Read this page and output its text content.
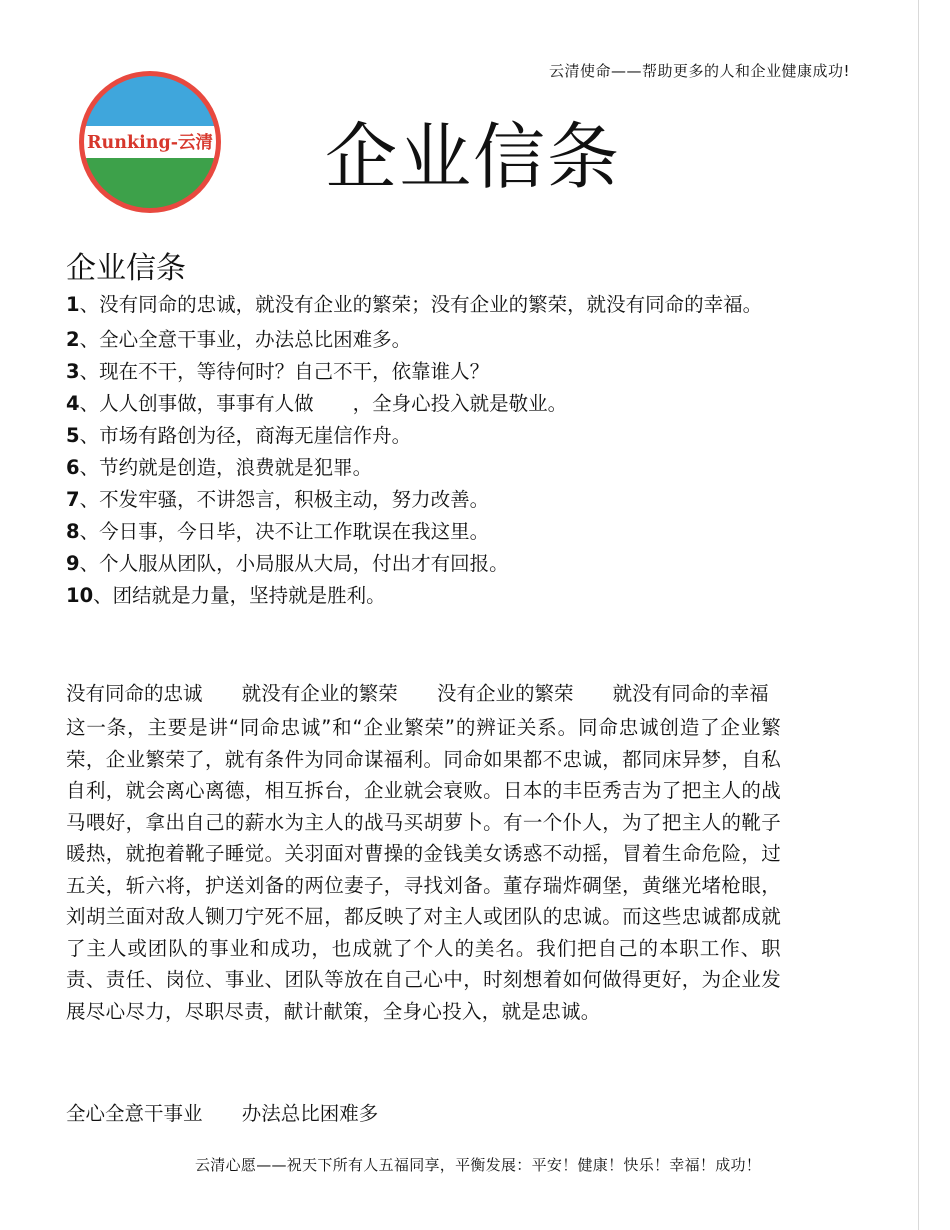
云清使命——帮助更多的人和企业健康成功!
Runking-云清 企业信条
企业信条
1、没有同命的忠诚，就没有企业的繁荣；没有企业的繁荣，就没有同命的幸福。
2、全心全意干事业，办法总比困难多。
3、现在不干，等待何时？自己不干，依靠谁人？
4、人人创事做，事事有人做　　，全身心投入就是敬业。
5、市场有路创为径，商海无崖信作舟。
6、节约就是创造，浪费就是犯罪。
7、不发牢骚，不讲怨言，积极主动，努力改善。
8、今日事，今日毕，决不让工作耽误在我这里。
9、个人服从团队，小局服从大局，付出才有回报。
10、团结就是力量，坚持就是胜利。
没有同命的忠诚 就没有企业的繁荣 没有企业的繁荣 就没有同命的幸福

这一条，主要是讲“同命忠诚”和“企业繁荣”的辨证关系。同命忠诚创造了企业繁荣，企业繁荣了，就有条件为同命谋福利。同命如果都不忠诚，都同床异梦，自私自利，就会离心离德，相互拆台，企业就会衰败。日本的丰臣秀吉为了把主人的战马喂好，拿出自己的薪水为主人的战马买胡萝卜。有一个仆人，为了把主人的靴子暖热，就抱着靴子睡觉。关羽面对曹操的金钱美女诱惑不动摇，冒着生命危险，过五关，斩六将，护送刘备的两位妻子，寻找刘备。董存瑞炸碉堡，黄继光堵枪眼，刘胡兰面对敌人铡刀宁死不屈，都反映了对主人或团队的忠诚。而这些忠诚都成就了主人或团队的事业和成功，也成就了个人的美名。我们把自己的本职工作、职责、责任、岗位、事业、团队等放在自己心中，时刻想着如何做得更好，为企业发展尽心尽力，尽职尽责，献计献策，全身心投入，就是忠诚。

全心全意干事业 办法总比困难多
云清心愿——祝天下所有人五福同享，平衡发展：平安！健康！快乐！幸福！成功！
